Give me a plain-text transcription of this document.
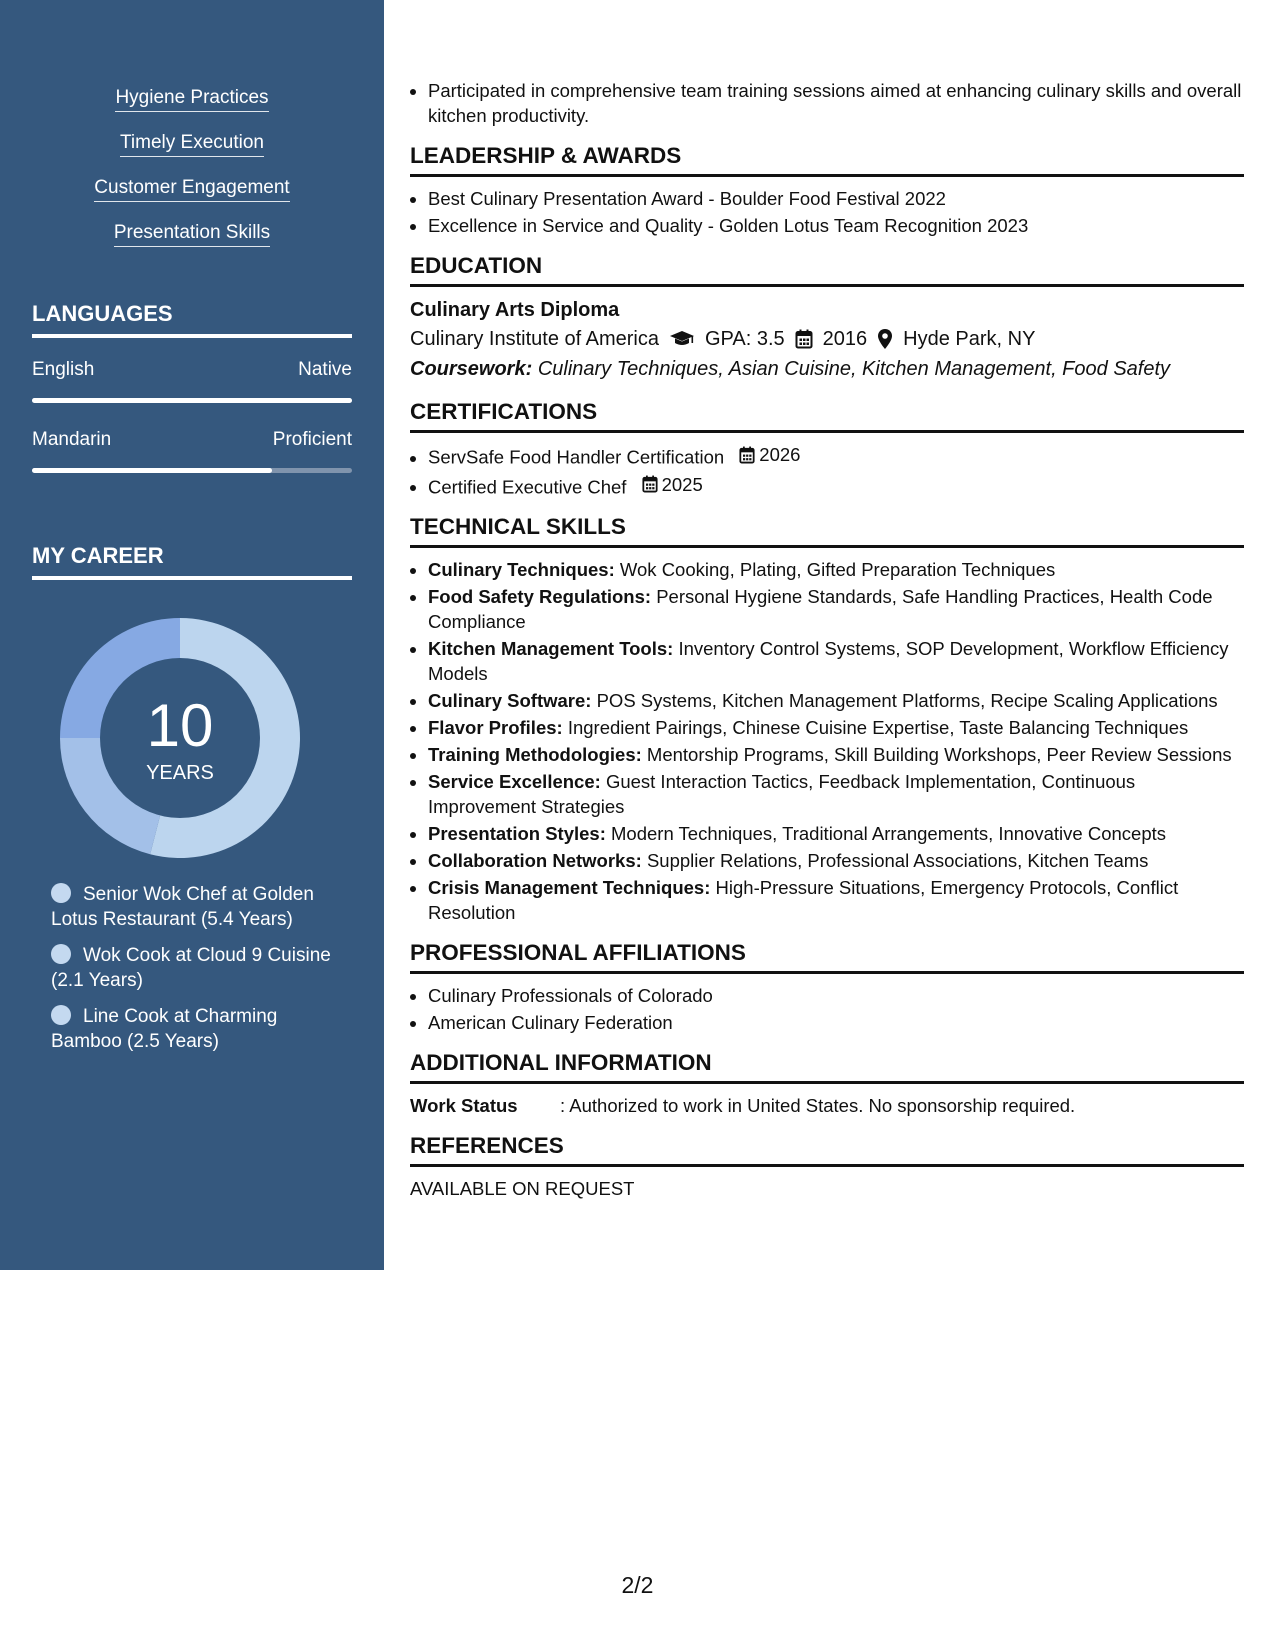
Hygiene Practices
Timely Execution
Customer Engagement
Presentation Skills
LANGUAGES
English	Native
Mandarin	Proficient
MY CAREER
10
YEARS
Senior Wok Chef at Golden Lotus Restaurant (5.4 Years)
Wok Cook at Cloud 9 Cuisine (2.1 Years)
Line Cook at Charming Bamboo (2.5 Years)
• Participated in comprehensive team training sessions aimed at enhancing culinary skills and overall kitchen productivity.
LEADERSHIP & AWARDS
• Best Culinary Presentation Award - Boulder Food Festival 2022
• Excellence in Service and Quality - Golden Lotus Team Recognition 2023
EDUCATION
Culinary Arts Diploma
Culinary Institute of America GPA: 3.5 2016 Hyde Park, NY
Coursework: Culinary Techniques, Asian Cuisine, Kitchen Management, Food Safety
CERTIFICATIONS
• ServSafe Food Handler Certification 2026
• Certified Executive Chef 2025
TECHNICAL SKILLS
• Culinary Techniques: Wok Cooking, Plating, Gifted Preparation Techniques
• Food Safety Regulations: Personal Hygiene Standards, Safe Handling Practices, Health Code Compliance
• Kitchen Management Tools: Inventory Control Systems, SOP Development, Workflow Efficiency Models
• Culinary Software: POS Systems, Kitchen Management Platforms, Recipe Scaling Applications
• Flavor Profiles: Ingredient Pairings, Chinese Cuisine Expertise, Taste Balancing Techniques
• Training Methodologies: Mentorship Programs, Skill Building Workshops, Peer Review Sessions
• Service Excellence: Guest Interaction Tactics, Feedback Implementation, Continuous Improvement Strategies
• Presentation Styles: Modern Techniques, Traditional Arrangements, Innovative Concepts
• Collaboration Networks: Supplier Relations, Professional Associations, Kitchen Teams
• Crisis Management Techniques: High-Pressure Situations, Emergency Protocols, Conflict Resolution
PROFESSIONAL AFFILIATIONS
• Culinary Professionals of Colorado
• American Culinary Federation
ADDITIONAL INFORMATION
Work Status	: Authorized to work in United States. No sponsorship required.
REFERENCES
AVAILABLE ON REQUEST
2/2
